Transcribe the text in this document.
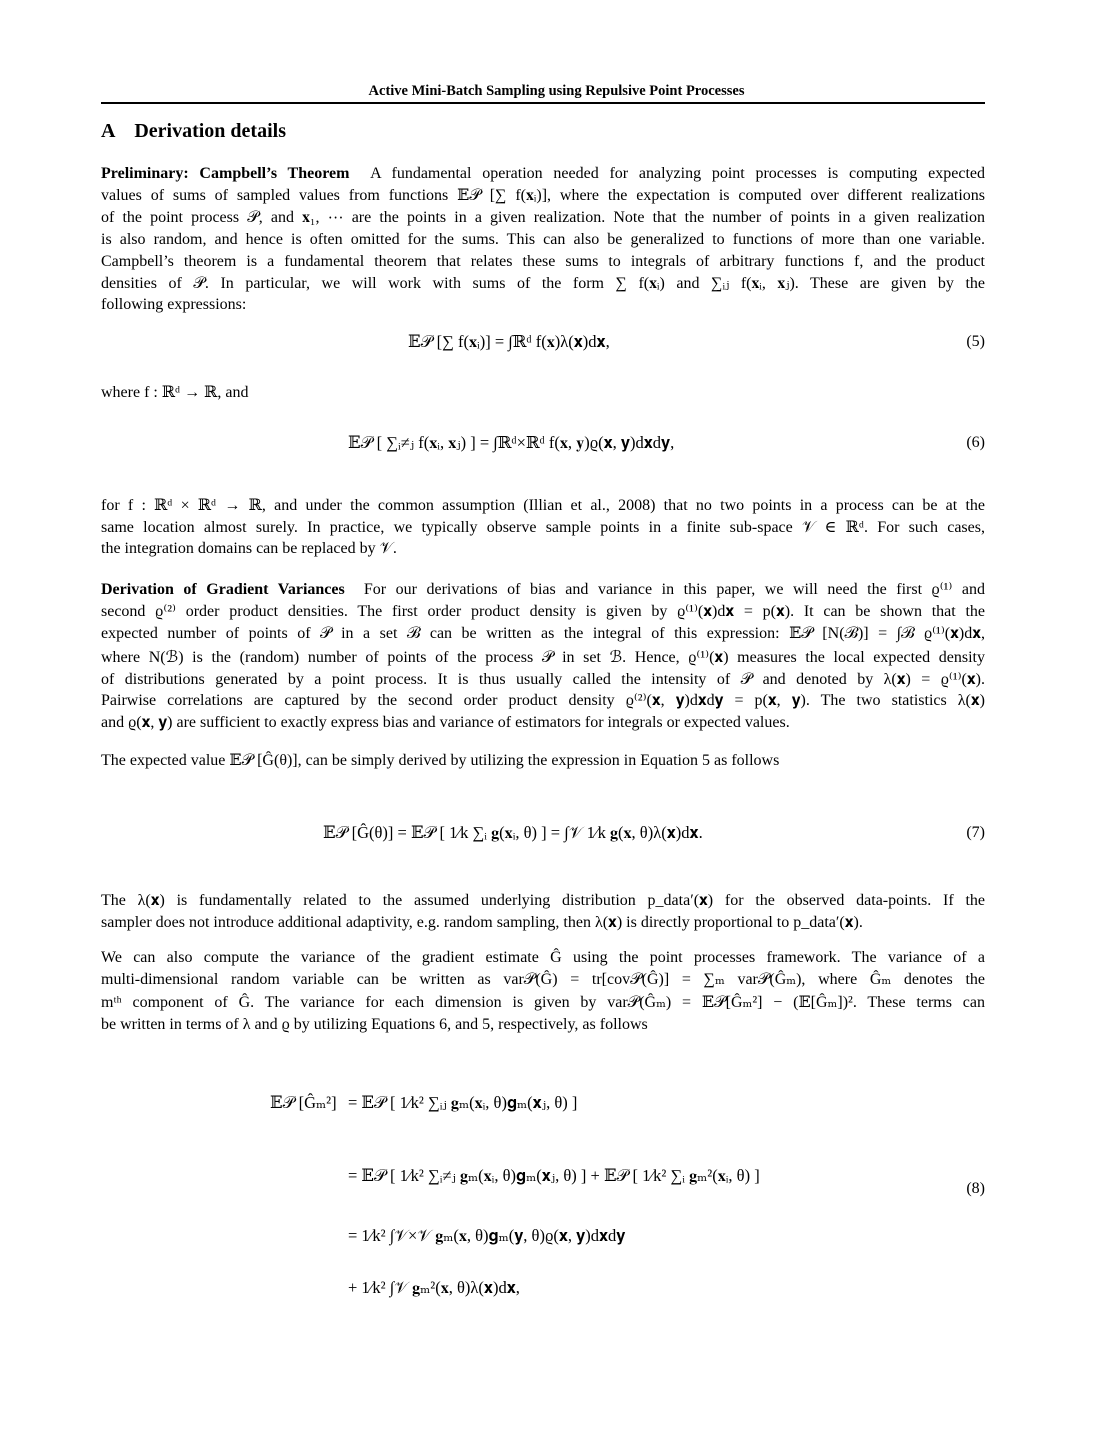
Active Mini-Batch Sampling using Repulsive Point Processes
A    Derivation details
Preliminary: Campbell’s Theorem  A fundamental operation needed for analyzing point processes is computing expected
values of sums of sampled values from functions 𝔼𝒫 [∑ f(𝐱ᵢ)], where the expectation is computed over different realizations
of the point process 𝒫, and 𝐱₁, ⋯ are the points in a given realization. Note that the number of points in a given realization
is also random, and hence is often omitted for the sums. This can also be generalized to functions of more than one variable.
Campbell’s theorem is a fundamental theorem that relates these sums to integrals of arbitrary functions f, and the product
densities of 𝒫. In particular, we will work with sums of the form ∑ f(𝐱ᵢ) and ∑ᵢⱼ f(𝐱ᵢ, 𝐱ⱼ). These are given by the
following expressions:
𝔼𝒫 [∑ f(𝐱ᵢ)] = ∫ℝᵈ f(𝐱)λ(𝐱)d𝐱,	(5)
where f : ℝᵈ → ℝ, and
𝔼𝒫 [ ∑ᵢ≠ⱼ f(𝐱ᵢ, 𝐱ⱼ) ] = ∫ℝᵈ×ℝᵈ f(𝐱, 𝐲)ϱ(𝐱, 𝐲)d𝐱d𝐲,	(6)
for f : ℝᵈ × ℝᵈ → ℝ, and under the common assumption (Illian et al., 2008) that no two points in a process can be at the
same location almost surely. In practice, we typically observe sample points in a finite sub-space 𝒱 ∈ ℝᵈ. For such cases,
the integration domains can be replaced by 𝒱.
Derivation of Gradient Variances  For our derivations of bias and variance in this paper, we will need the first ϱ⁽¹⁾ and
second ϱ⁽²⁾ order product densities. The first order product density is given by ϱ⁽¹⁾(𝐱)d𝐱 = p(𝐱). It can be shown that the
expected number of points of 𝒫 in a set ℬ can be written as the integral of this expression: 𝔼𝒫 [N(ℬ)] = ∫ℬ ϱ⁽¹⁾(𝐱)d𝐱,
where N(ℬ) is the (random) number of points of the process 𝒫 in set ℬ. Hence, ϱ⁽¹⁾(𝐱) measures the local expected density
of distributions generated by a point process. It is thus usually called the intensity of 𝒫 and denoted by λ(𝐱) = ϱ⁽¹⁾(𝐱).
Pairwise correlations are captured by the second order product density ϱ⁽²⁾(𝐱, 𝐲)d𝐱d𝐲 = p(𝐱, 𝐲). The two statistics λ(𝐱)
and ϱ(𝐱, 𝐲) are sufficient to exactly express bias and variance of estimators for integrals or expected values.
The expected value 𝔼𝒫 [Ĝ(θ)], can be simply derived by utilizing the expression in Equation 5 as follows
𝔼𝒫 [Ĝ(θ)] = 𝔼𝒫 [ 1⁄k ∑ᵢ 𝐠(𝐱ᵢ, θ) ] = ∫𝒱 1⁄k 𝐠(𝐱, θ)λ(𝐱)d𝐱.	(7)
The λ(𝐱) is fundamentally related to the assumed underlying distribution p_data′(𝐱) for the observed data-points. If the
sampler does not introduce additional adaptivity, e.g. random sampling, then λ(𝐱) is directly proportional to p_data′(𝐱).
We can also compute the variance of the gradient estimate Ĝ using the point processes framework. The variance of a
multi-dimensional random variable can be written as var𝒫(Ĝ) = tr[cov𝒫(Ĝ)] = ∑ₘ var𝒫(Ĝₘ), where Ĝₘ denotes the
mᵗʰ component of Ĝ. The variance for each dimension is given by var𝒫(Ĝₘ) = 𝔼𝒫[Ĝₘ²] − (𝔼[Ĝₘ])². These terms can
be written in terms of λ and ϱ by utilizing Equations 6, and 5, respectively, as follows
𝔼𝒫 [Ĝₘ²] = 𝔼𝒫 [ 1⁄k² ∑ᵢⱼ 𝐠ₘ(𝐱ᵢ, θ)𝐠ₘ(𝐱ⱼ, θ) ]
= 𝔼𝒫 [ 1⁄k² ∑ᵢ≠ⱼ 𝐠ₘ(𝐱ᵢ, θ)𝐠ₘ(𝐱ⱼ, θ) ] + 𝔼𝒫 [ 1⁄k² ∑ᵢ 𝐠ₘ²(𝐱ᵢ, θ) ]
= 1⁄k² ∫𝒱×𝒱 𝐠ₘ(𝐱, θ)𝐠ₘ(𝐲, θ)ϱ(𝐱, 𝐲)d𝐱d𝐲
+ 1⁄k² ∫𝒱 𝐠ₘ²(𝐱, θ)λ(𝐱)d𝐱,
(8)
